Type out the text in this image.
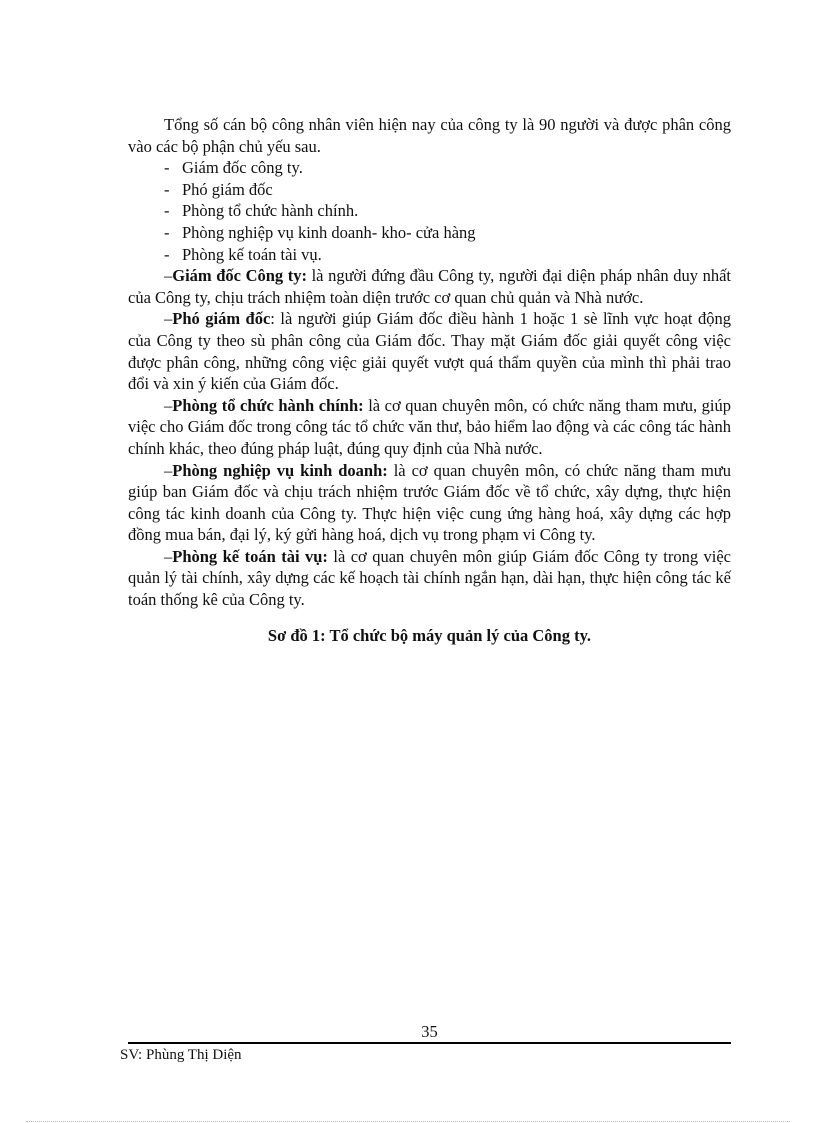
Tổng số cán bộ công nhân viên hiện nay của công ty là 90 người và được phân công vào các bộ phận chủ yếu sau.

- Giám đốc công ty.
- Phó giám đốc
- Phòng tổ chức hành chính.
- Phòng nghiệp vụ kinh doanh- kho- cửa hàng
- Phòng kế toán tài vụ.

–Giám đốc Công ty: là người đứng đầu Công ty, người đại diện pháp nhân duy nhất của Công ty, chịu trách nhiệm toàn diện trước cơ quan chủ quản và Nhà nước.

–Phó giám đốc: là người giúp Giám đốc điều hành 1 hoặc 1 sè lĩnh vực hoạt động của Công ty theo sù phân công của Giám đốc. Thay mặt Giám đốc giải quyết công việc được phân công, những công việc giải quyết vượt quá thẩm quyền của mình thì phải trao đổi và xin ý kiến của Giám đốc.

–Phòng tổ chức hành chính: là cơ quan chuyên môn, có chức năng tham mưu, giúp việc cho Giám đốc trong công tác tổ chức văn thư, bảo hiểm lao động và các công tác hành chính khác, theo đúng pháp luật, đúng quy định của Nhà nước.

–Phòng nghiệp vụ kinh doanh: là cơ quan chuyên môn, có chức năng tham mưu giúp ban Giám đốc và chịu trách nhiệm trước Giám đốc về tổ chức, xây dựng, thực hiện công tác kinh doanh của Công ty. Thực hiện việc cung ứng hàng hoá, xây dựng các hợp đồng mua bán, đại lý, ký gửi hàng hoá, dịch vụ trong phạm vi Công ty.

–Phòng kế toán tài vụ: là cơ quan chuyên môn giúp Giám đốc Công ty trong việc quản lý tài chính, xây dựng các kế hoạch tài chính ngắn hạn, dài hạn, thực hiện công tác kế toán thống kê của Công ty.

Sơ đồ 1: Tổ chức bộ máy quản lý của Công ty.

35
SV: Phùng Thị Diện
